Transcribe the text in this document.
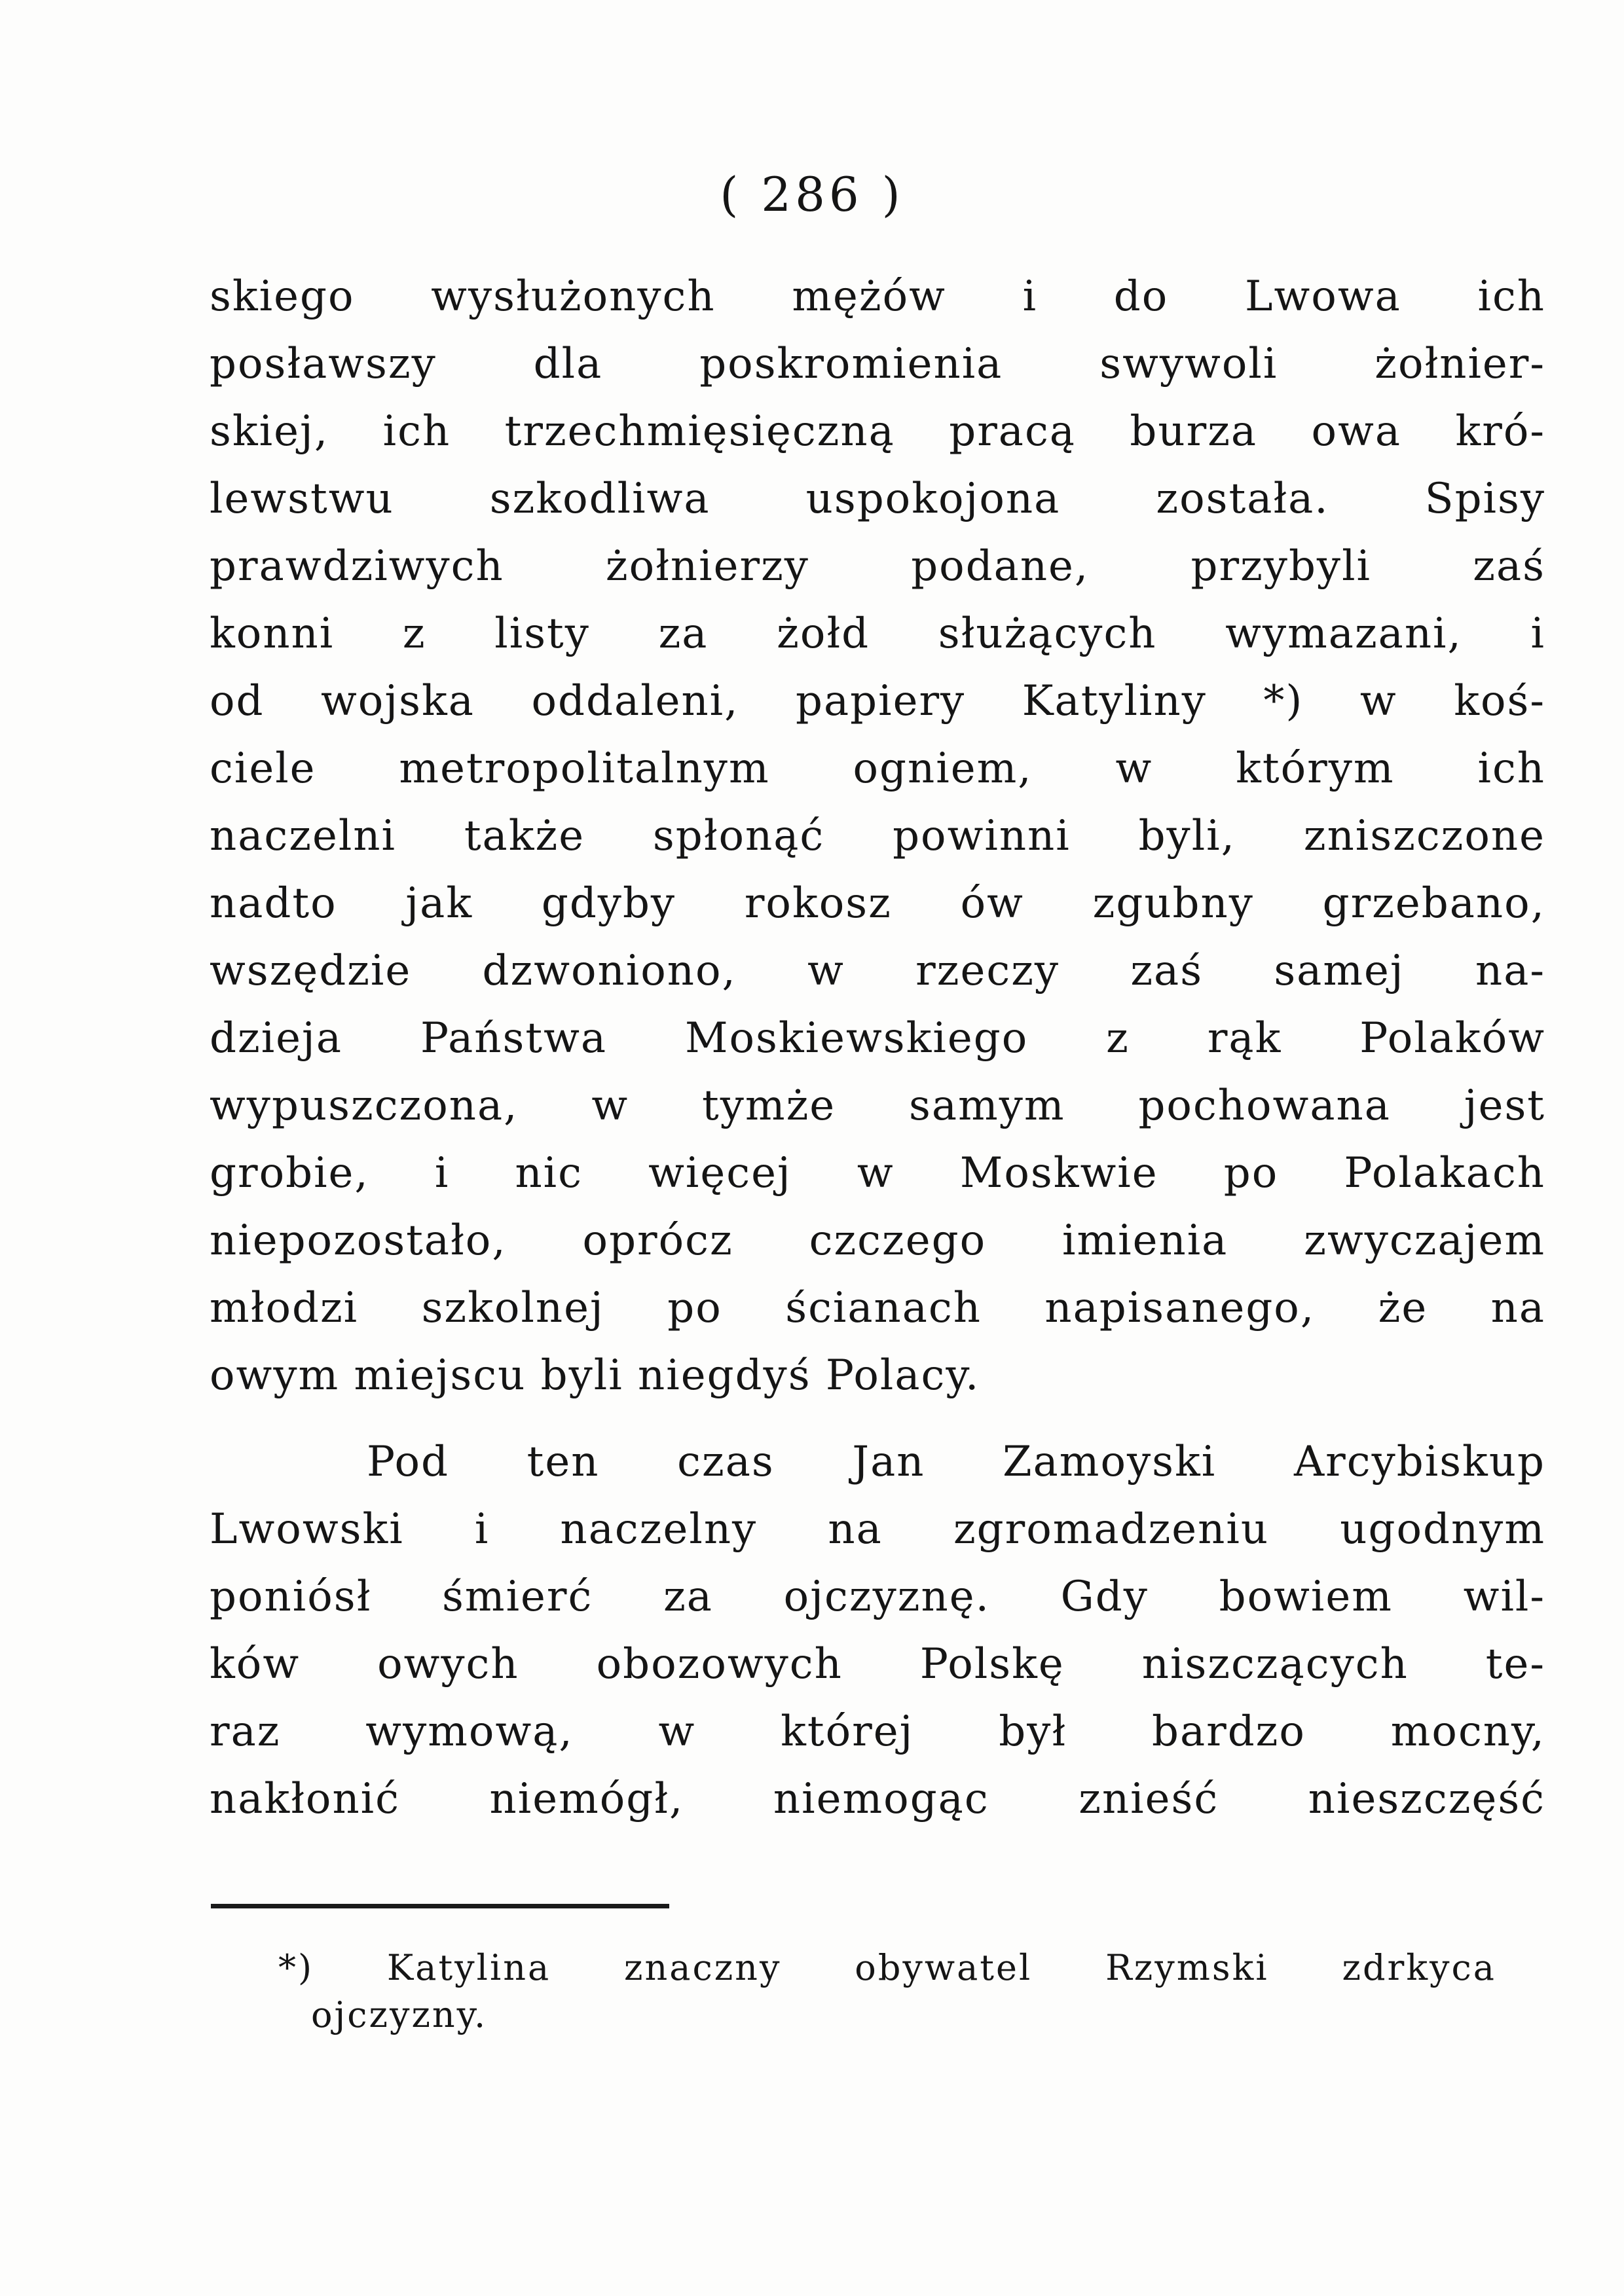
( 286 )
skiego wysłużonych mężów i do Lwowa ich
posławszy dla poskromienia swywoli żołnier-
skiej, ich trzechmięsięczną pracą burza owa kró-
lewstwu szkodliwa uspokojona została. Spisy
prawdziwych żołnierzy podane, przybyli zaś
konni z listy za żołd służących wymazani, i
od wojska oddaleni, papiery Katyliny *) w koś-
ciele metropolitalnym ogniem, w którym ich
naczelni także spłonąć powinni byli, zniszczone
nadto jak gdyby rokosz ów zgubny grzebano,
wszędzie dzwoniono, w rzeczy zaś samej na-
dzieja Państwa Moskiewskiego z rąk Polaków
wypuszczona, w tymże samym pochowana jest
grobie, i nic więcej w Moskwie po Polakach
niepozostało, oprócz czczego imienia zwyczajem
młodzi szkolnej po ścianach napisanego, że na
owym miejscu byli niegdyś Polacy.
Pod ten czas Jan Zamoyski Arcybiskup
Lwowski i naczelny na zgromadzeniu ugodnym
poniósł śmierć za ojczyznę. Gdy bowiem wil-
ków owych obozowych Polskę niszczących te-
raz wymową, w której był bardzo mocny,
nakłonić niemógł, niemogąc znieść nieszczęść
*) Katylina znaczny obywatel Rzymski zdrkyca
ojczyzny.
